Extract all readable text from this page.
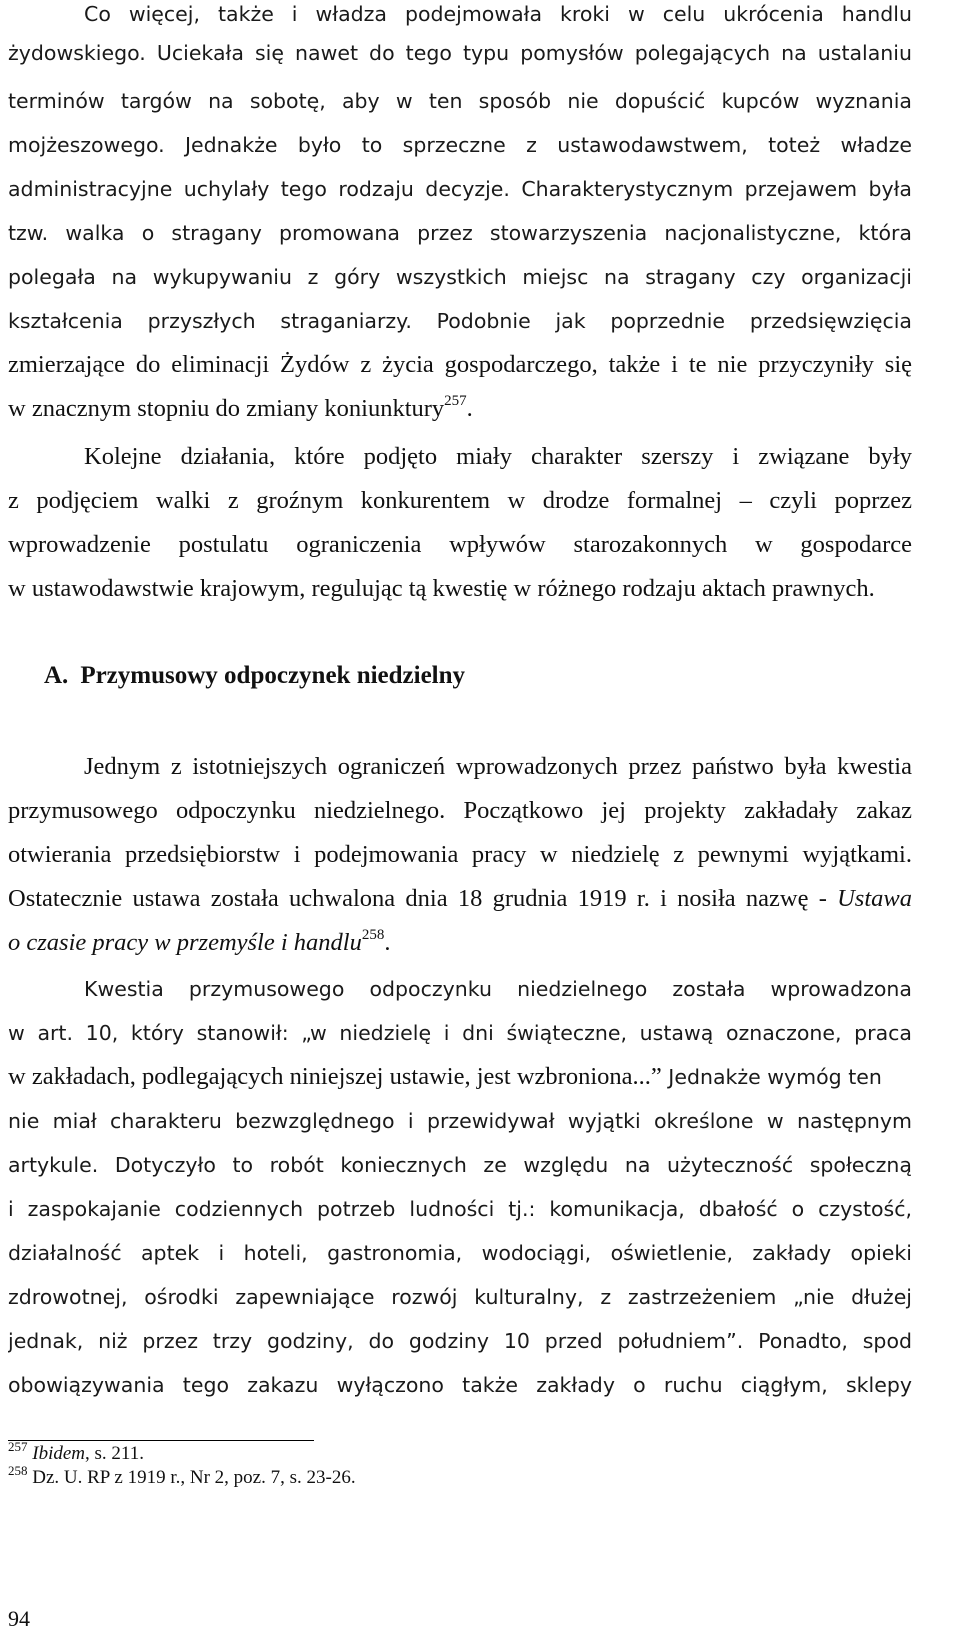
Co więcej, także i władza podejmowała kroki w celu ukrócenia handlu
żydowskiego. Uciekała się nawet do tego typu pomysłów polegających na ustalaniu
terminów targów na sobotę, aby w ten sposób nie dopuścić kupców wyznania
mojżeszowego. Jednakże było to sprzeczne z ustawodawstwem, toteż władze
administracyjne uchylały tego rodzaju decyzje. Charakterystycznym przejawem była
tzw. walka o stragany promowana przez stowarzyszenia nacjonalistyczne, która
polegała na wykupywaniu z góry wszystkich miejsc na stragany czy organizacji
kształcenia przyszłych straganiarzy. Podobnie jak poprzednie przedsięwzięcia
zmierzające do eliminacji Żydów z życia gospodarczego, także i te nie przyczyniły się
w znacznym stopniu do zmiany koniunktury$^{257}$.
Kolejne działania, które podjęto miały charakter szerszy i związane były
z podjęciem walki z groźnym konkurentem w drodze formalnej – czyli poprzez
wprowadzenie postulatu ograniczenia wpływów starozakonnych w gospodarce
w ustawodawstwie krajowym, regulując tą kwestię w różnego rodzaju aktach prawnych.
A. Przymusowy odpoczynek niedzielny
Jednym z istotniejszych ograniczeń wprowadzonych przez państwo była kwestia
przymusowego odpoczynku niedzielnego. Początkowo jej projekty zakładały zakaz
otwierania przedsiębiorstw i podejmowania pracy w niedzielę z pewnymi wyjątkami.
Ostatecznie ustawa została uchwalona dnia 18 grudnia 1919 r. i nosiła nazwę - Ustawa
o czasie pracy w przemyśle i handlu$^{258}$.
Kwestia przymusowego odpoczynku niedzielnego została wprowadzona
w art. 10, który stanowił: „w niedzielę i dni świąteczne, ustawą oznaczone, praca
w zakładach, podlegających niniejszej ustawie, jest wzbroniona...” Jednakże wymóg ten
nie miał charakteru bezwzględnego i przewidywał wyjątki określone w następnym
artykule. Dotyczyło to robót koniecznych ze względu na użyteczność społeczną
i zaspokajanie codziennych potrzeb ludności tj.: komunikacja, dbałość o czystość,
działalność aptek i hoteli, gastronomia, wodociągi, oświetlenie, zakłady opieki
zdrowotnej, ośrodki zapewniające rozwój kulturalny, z zastrzeżeniem „nie dłużej
jednak, niż przez trzy godziny, do godziny 10 przed południem”. Ponadto, spod
obowiązywania tego zakazu wyłączono także zakłady o ruchu ciągłym, sklepy
$^{257}$ Ibidem, s. 211.
$^{258}$ Dz. U. RP z 1919 r., Nr 2, poz. 7, s. 23-26.
94
